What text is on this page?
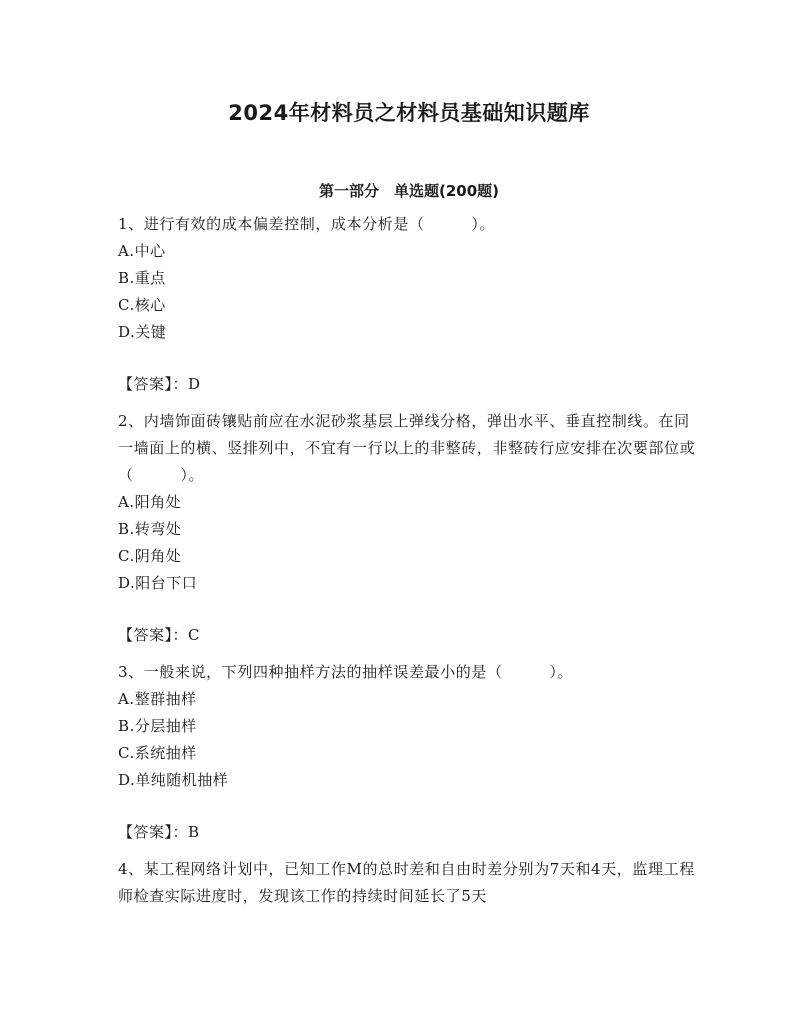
2024年材料员之材料员基础知识题库
第一部分　单选题(200题)
1、进行有效的成本偏差控制，成本分析是（　　　）。
A.中心
B.重点
C.核心
D.关键
【答案】：D
2、内墙饰面砖镶贴前应在水泥砂浆基层上弹线分格，弹出水平、垂直控制线。在同一墙面上的横、竖排列中，不宜有一行以上的非整砖，非整砖行应安排在次要部位或（　　　）。
A.阳角处
B.转弯处
C.阴角处
D.阳台下口
【答案】：C
3、一般来说，下列四种抽样方法的抽样误差最小的是（　　　）。
A.整群抽样
B.分层抽样
C.系统抽样
D.单纯随机抽样
【答案】：B
4、某工程网络计划中，已知工作M的总时差和自由时差分别为7天和4天，监理工程师检查实际进度时，发现该工作的持续时间延长了5天
